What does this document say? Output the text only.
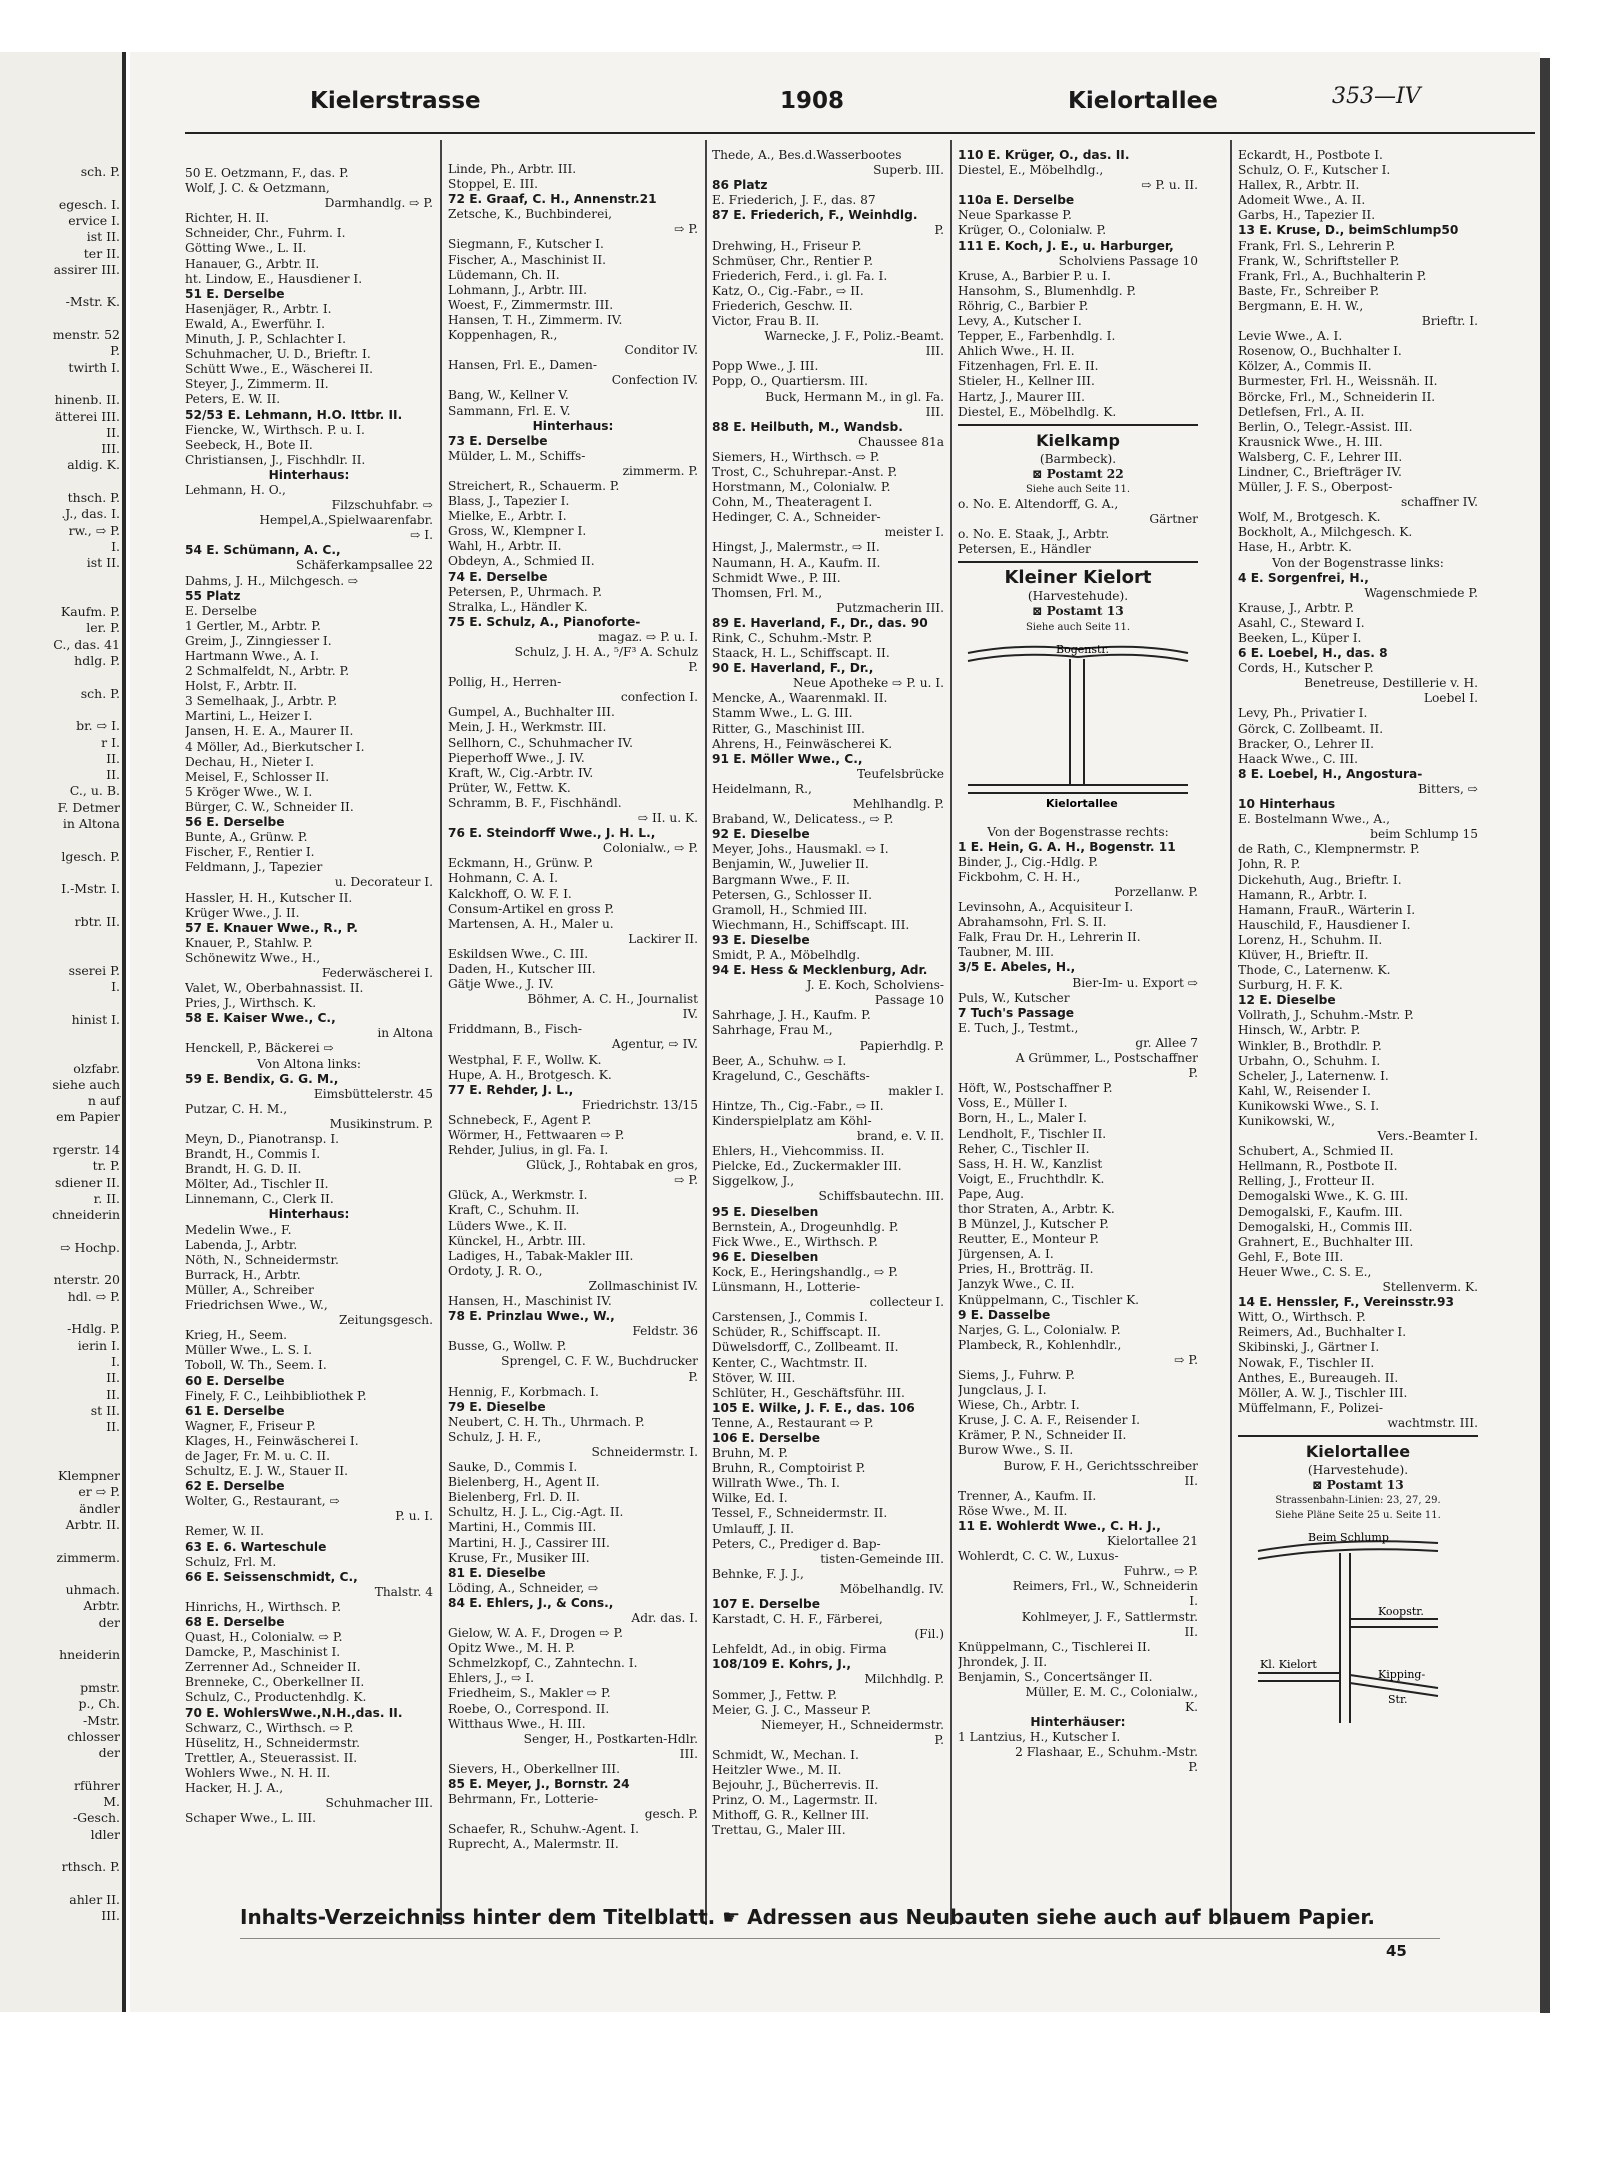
sch. P.
egesch. I.
ervice I.
ist II.
ter II.
assirer III.
-Mstr. K.
menstr. 52
P.
twirth I.
hinenb. II.
ätterei III.
II.
III.
aldig. K.
thsch. P.
.J., das. I.
rw., ⇨ P.
I.
ist II.
Kaufm. P.
ler. P.
C., das. 41
hdlg. P.
sch. P.
br. ⇨ I.
r I.
II.
II.
C., u. B.
F. Detmer
in Altona
lgesch. P.
I.-Mstr. I.
rbtr. II.
sserei P.
I.
hinist I.
olzfabr.
siehe auch
n auf
em Papier
rgerstr. 14
tr. P.
sdiener II.
r. II.
chneiderin
⇨ Hochp.
nterstr. 20
hdl. ⇨ P.
-Hdlg. P.
ierin I.
I.
II.
II.
st II.
II.
Klempner
er ⇨ P.
ändler
Arbtr. II.
zimmerm.
uhmach.
Arbtr.
der
hneiderin
pmstr.
p., Ch.
-Mstr.
chlosser
der
rführer
M.
-Gesch.
ldler
rthsch. P.
ahler II.
III.
Kielerstrasse	1908	Kielortallee	353—IV
50 E. Oetzmann, F., das. P.
Wolf, J. C. & Oetzmann,
Darmhandlg. ⇨ P.
Richter, H. II.
Schneider, Chr., Fuhrm. I.
Götting Wwe., L. II.
Hanauer, G., Arbtr. II.
ht. Lindow, E., Hausdiener I.
51 E. Derselbe
Hasenjäger, R., Arbtr. I.
Ewald, A., Ewerführ. I.
Minuth, J. P., Schlachter I.
Schuhmacher, U. D., Brieftr. I.
Schütt Wwe., E., Wäscherei II.
Steyer, J., Zimmerm. II.
Peters, E. W. II.
52/53 E. Lehmann, H.O. Ittbr. II.
Fiencke, W., Wirthsch. P. u. I.
Seebeck, H., Bote II.
Christiansen, J., Fischhdlr. II.
Hinterhaus:
Lehmann, H. O.,
Filzschuhfabr. ⇨
Hempel,A.,Spielwaarenfabr.
⇨ I.
54 E. Schümann, A. C.,
Schäferkampsallee 22
Dahms, J. H., Milchgesch. ⇨
55 Platz
E. Derselbe
1 Gertler, M., Arbtr. P.
Greim, J., Zinngiesser I.
Hartmann Wwe., A. I.
2 Schmalfeldt, N., Arbtr. P.
Holst, F., Arbtr. II.
3 Semelhaak, J., Arbtr. P.
Martini, L., Heizer I.
Jansen, H. E. A., Maurer II.
4 Möller, Ad., Bierkutscher I.
Dechau, H., Nieter I.
Meisel, F., Schlosser II.
5 Kröger Wwe., W. I.
Bürger, C. W., Schneider II.
56 E. Derselbe
Bunte, A., Grünw. P.
Fischer, F., Rentier I.
Feldmann, J., Tapezier
u. Decorateur I.
Hassler, H. H., Kutscher II.
Krüger Wwe., J. II.
57 E. Knauer Wwe., R., P.
Knauer, P., Stahlw. P.
Schönewitz Wwe., H.,
Federwäscherei I.
Valet, W., Oberbahnassist. II.
Pries, J., Wirthsch. K.
58 E. Kaiser Wwe., C.,
in Altona
Henckell, P., Bäckerei ⇨
Von Altona links:
59 E. Bendix, G. G. M.,
Eimsbüttelerstr. 45
Putzar, C. H. M.,
Musikinstrum. P.
Meyn, D., Pianotransp. I.
Brandt, H., Commis I.
Brandt, H. G. D. II.
Mölter, Ad., Tischler II.
Linnemann, C., Clerk II.
Hinterhaus:
Medelin Wwe., F.
Labenda, J., Arbtr.
Nöth, N., Schneidermstr.
Burrack, H., Arbtr.
Müller, A., Schreiber
Friedrichsen Wwe., W.,
Zeitungsgesch.
Krieg, H., Seem.
Müller Wwe., L. S. I.
Toboll, W. Th., Seem. I.
60 E. Derselbe
Finely, F. C., Leihbibliothek P.
61 E. Derselbe
Wagner, F., Friseur P.
Klages, H., Feinwäscherei I.
de Jager, Fr. M. u. C. II.
Schultz, E. J. W., Stauer II.
62 E. Derselbe
Wolter, G., Restaurant, ⇨
P. u. I.
Remer, W. II.
63 E. 6. Warteschule
Schulz, Frl. M.
66 E. Seissenschmidt, C.,
Thalstr. 4
Hinrichs, H., Wirthsch. P.
68 E. Derselbe
Quast, H., Colonialw. ⇨ P.
Damcke, P., Maschinist I.
Zerrenner Ad., Schneider II.
Brenneke, C., Oberkellner II.
Schulz, C., Productenhdlg. K.
70 E. WohlersWwe.,N.H.,das. II.
Schwarz, C., Wirthsch. ⇨ P.
Hüselitz, H., Schneidermstr.
Trettler, A., Steuerassist. II.
Wohlers Wwe., N. H. II.
Hacker, H. J. A.,
Schuhmacher III.
Schaper Wwe., L. III.
Linde, Ph., Arbtr. III.
Stoppel, E. III.
72 E. Graaf, C. H., Annenstr.21
Zetsche, K., Buchbinderei,
⇨ P.
Siegmann, F., Kutscher I.
Fischer, A., Maschinist II.
Lüdemann, Ch. II.
Lohmann, J., Arbtr. III.
Woest, F., Zimmermstr. III.
Hansen, T. H., Zimmerm. IV.
Koppenhagen, R.,
Conditor IV.
Hansen, Frl. E., Damen-
Confection IV.
Bang, W., Kellner V.
Sammann, Frl. E. V.
Hinterhaus:
73 E. Derselbe
Mülder, L. M., Schiffs-
zimmerm. P.
Streichert, R., Schauerm. P.
Blass, J., Tapezier I.
Mielke, E., Arbtr. I.
Gross, W., Klempner I.
Wahl, H., Arbtr. II.
Obdeyn, A., Schmied II.
74 E. Derselbe
Petersen, P., Uhrmach. P.
Stralka, L., Händler K.
75 E. Schulz, A., Pianoforte-
magaz. ⇨ P. u. I.
Schulz, J. H. A., ⁵/F³ A. Schulz
P.
Pollig, H., Herren-
confection I.
Gumpel, A., Buchhalter III.
Mein, J. H., Werkmstr. III.
Sellhorn, C., Schuhmacher IV.
Pieperhoff Wwe., J. IV.
Kraft, W., Cig.-Arbtr. IV.
Prüter, W., Fettw. K.
Schramm, B. F., Fischhändl.
⇨ II. u. K.
76 E. Steindorff Wwe., J. H. L.,
Colonialw., ⇨ P.
Eckmann, H., Grünw. P.
Hohmann, C. A. I.
Kalckhoff, O. W. F. I.
Consum-Artikel en gross P.
Martensen, A. H., Maler u.
Lackirer II.
Eskildsen Wwe., C. III.
Daden, H., Kutscher III.
Gätje Wwe., J. IV.
Böhmer, A. C. H., Journalist
IV.
Friddmann, B., Fisch-
Agentur, ⇨ IV.
Westphal, F. F., Wollw. K.
Hupe, A. H., Brotgesch. K.
77 E. Rehder, J. L.,
Friedrichstr. 13/15
Schnebeck, F., Agent P.
Wörmer, H., Fettwaaren ⇨ P.
Rehder, Julius, in gl. Fa. I.
Glück, J., Rohtabak en gros,
⇨ P.
Glück, A., Werkmstr. I.
Kraft, C., Schuhm. II.
Lüders Wwe., K. II.
Künckel, H., Arbtr. III.
Ladiges, H., Tabak-Makler III.
Ordoty, J. R. O.,
Zollmaschinist IV.
Hansen, H., Maschinist IV.
78 E. Prinzlau Wwe., W.,
Feldstr. 36
Busse, G., Wollw. P.
Sprengel, C. F. W., Buchdrucker
P.
Hennig, F., Korbmach. I.
79 E. Dieselbe
Neubert, C. H. Th., Uhrmach. P.
Schulz, J. H. F.,
Schneidermstr. I.
Sauke, D., Commis I.
Bielenberg, H., Agent II.
Bielenberg, Frl. D. II.
Schultz, H. J. L., Cig.-Agt. II.
Martini, H., Commis III.
Martini, H. J., Cassirer III.
Kruse, Fr., Musiker III.
81 E. Dieselbe
Löding, A., Schneider, ⇨
84 E. Ehlers, J., & Cons.,
Adr. das. I.
Gielow, W. A. F., Drogen ⇨ P.
Opitz Wwe., M. H. P.
Schmelzkopf, C., Zahntechn. I.
Ehlers, J., ⇨ I.
Friedheim, S., Makler ⇨ P.
Roebe, O., Correspond. II.
Witthaus Wwe., H. III.
Senger, H., Postkarten-Hdlr.
III.
Sievers, H., Oberkellner III.
85 E. Meyer, J., Bornstr. 24
Behrmann, Fr., Lotterie-
gesch. P.
Schaefer, R., Schuhw.-Agent. I.
Ruprecht, A., Malermstr. II.
Thede, A., Bes.d.Wasserbootes
Superb. III.
86 Platz
E. Friederich, J. F., das. 87
87 E. Friederich, F., Weinhdlg.
P.
Drehwing, H., Friseur P.
Schmüser, Chr., Rentier P.
Friederich, Ferd., i. gl. Fa. I.
Katz, O., Cig.-Fabr., ⇨ II.
Friederich, Geschw. II.
Victor, Frau B. II.
Warnecke, J. F., Poliz.-Beamt.
III.
Popp Wwe., J. III.
Popp, O., Quartiersm. III.
Buck, Hermann M., in gl. Fa.
III.
88 E. Heilbuth, M., Wandsb.
Chaussee 81a
Siemers, H., Wirthsch. ⇨ P.
Trost, C., Schuhrepar.-Anst. P.
Horstmann, M., Colonialw. P.
Cohn, M., Theateragent I.
Hedinger, C. A., Schneider-
meister I.
Hingst, J., Malermstr., ⇨ II.
Naumann, H. A., Kaufm. II.
Schmidt Wwe., P. III.
Thomsen, Frl. M.,
Putzmacherin III.
89 E. Haverland, F., Dr., das. 90
Rink, C., Schuhm.-Mstr. P.
Staack, H. L., Schiffscapt. II.
90 E. Haverland, F., Dr.,
Neue Apotheke ⇨ P. u. I.
Mencke, A., Waarenmakl. II.
Stamm Wwe., L. G. III.
Ritter, G., Maschinist III.
Ahrens, H., Feinwäscherei K.
91 E. Möller Wwe., C.,
Teufelsbrücke
Heidelmann, R.,
Mehlhandlg. P.
Braband, W., Delicatess., ⇨ P.
92 E. Dieselbe
Meyer, Johs., Hausmakl. ⇨ I.
Benjamin, W., Juwelier II.
Bargmann Wwe., F. II.
Petersen, G., Schlosser II.
Gramoll, H., Schmied III.
Wiechmann, H., Schiffscapt. III.
93 E. Dieselbe
Smidt, P. A., Möbelhdlg.
94 E. Hess & Mecklenburg, Adr.
J. E. Koch, Scholviens-
Passage 10
Sahrhage, J. H., Kaufm. P.
Sahrhage, Frau M.,
Papierhdlg. P.
Beer, A., Schuhw. ⇨ I.
Kragelund, C., Geschäfts-
makler I.
Hintze, Th., Cig.-Fabr., ⇨ II.
Kinderspielplatz am Köhl-
brand, e. V. II.
Ehlers, H., Viehcommiss. II.
Pielcke, Ed., Zuckermakler III.
Siggelkow, J.,
Schiffsbautechn. III.
95 E. Dieselben
Bernstein, A., Drogeunhdlg. P.
Fick Wwe., E., Wirthsch. P.
96 E. Dieselben
Kock, E., Heringshandlg., ⇨ P.
Lünsmann, H., Lotterie-
collecteur I.
Carstensen, J., Commis I.
Schüder, R., Schiffscapt. II.
Düwelsdorff, C., Zollbeamt. II.
Kenter, C., Wachtmstr. II.
Stöver, W. III.
Schlüter, H., Geschäftsführ. III.
105 E. Wilke, J. F. E., das. 106
Tenne, A., Restaurant ⇨ P.
106 E. Derselbe
Bruhn, M. P.
Bruhn, R., Comptoirist P.
Willrath Wwe., Th. I.
Wilke, Ed. I.
Tessel, F., Schneidermstr. II.
Umlauff, J. II.
Peters, C., Prediger d. Bap-
tisten-Gemeinde III.
Behnke, F. J. J.,
Möbelhandlg. IV.
107 E. Derselbe
Karstadt, C. H. F., Färberei,
(Fil.)
Lehfeldt, Ad., in obig. Firma
108/109 E. Kohrs, J.,
Milchhdlg. P.
Sommer, J., Fettw. P.
Meier, G. J. C., Masseur P.
Niemeyer, H., Schneidermstr.
P.
Schmidt, W., Mechan. I.
Heitzler Wwe., M. II.
Bejouhr, J., Bücherrevis. II.
Prinz, O. M., Lagermstr. II.
Mithoff, G. R., Kellner III.
Trettau, G., Maler III.
110 E. Krüger, O., das. II.
Diestel, E., Möbelhdlg.,
⇨ P. u. II.
110a E. Derselbe
Neue Sparkasse P.
Krüger, O., Colonialw. P.
111 E. Koch, J. E., u. Harburger,
Scholviens Passage 10
Kruse, A., Barbier P. u. I.
Hansohm, S., Blumenhdlg. P.
Röhrig, C., Barbier P.
Levy, A., Kutscher I.
Tepper, E., Farbenhdlg. I.
Ahlich Wwe., H. II.
Fitzenhagen, Frl. E. II.
Stieler, H., Kellner III.
Hartz, J., Maurer III.
Diestel, E., Möbelhdlg. K.
Kielkamp
(Barmbeck).
⊠ Postamt 22
Siehe auch Seite 11.
o. No. E. Altendorff, G. A.,
Gärtner
o. No. E. Staak, J., Arbtr.
Petersen, E., Händler
Kleiner Kielort
(Harvestehude).
⊠ Postamt 13
Siehe auch Seite 11.
Bogenstr.
Kielortallee
Von der Bogenstrasse rechts:
1 E. Hein, G. A. H., Bogenstr. 11
Binder, J., Cig.-Hdlg. P.
Fickbohm, C. H. H.,
Porzellanw. P.
Levinsohn, A., Acquisiteur I.
Abrahamsohn, Frl. S. II.
Falk, Frau Dr. H., Lehrerin II.
Taubner, M. III.
3/5 E. Abeles, H.,
Bier-Im- u. Export ⇨
Puls, W., Kutscher
7 Tuch's Passage
E. Tuch, J., Testmt.,
gr. Allee 7
A Grümmer, L., Postschaffner
P.
Höft, W., Postschaffner P.
Voss, E., Müller I.
Born, H., L., Maler I.
Lendholt, F., Tischler II.
Reher, C., Tischler II.
Sass, H. H. W., Kanzlist
Voigt, E., Fruchthdlr. K.
Pape, Aug.
thor Straten, A., Arbtr. K.
B Münzel, J., Kutscher P.
Reutter, E., Monteur P.
Jürgensen, A. I.
Pries, H., Brotträg. II.
Janzyk Wwe., C. II.
Knüppelmann, C., Tischler K.
9 E. Dasselbe
Narjes, G. L., Colonialw. P.
Plambeck, R., Kohlenhdlr.,
⇨ P.
Siems, J., Fuhrw. P.
Jungclaus, J. I.
Wiese, Ch., Arbtr. I.
Kruse, J. C. A. F., Reisender I.
Krämer, P. N., Schneider II.
Burow Wwe., S. II.
Burow, F. H., Gerichtsschreiber
II.
Trenner, A., Kaufm. II.
Röse Wwe., M. II.
11 E. Wohlerdt Wwe., C. H. J.,
Kielortallee 21
Wohlerdt, C. C. W., Luxus-
Fuhrw., ⇨ P.
Reimers, Frl., W., Schneiderin
I.
Kohlmeyer, J. F., Sattlermstr.
II.
Knüppelmann, C., Tischlerei II.
Jhrondek, J. II.
Benjamin, S., Concertsänger II.
Müller, E. M. C., Colonialw.,
K.
Hinterhäuser:
1 Lantzius, H., Kutscher I.
2 Flashaar, E., Schuhm.-Mstr.
P.
Eckardt, H., Postbote I.
Schulz, O. F., Kutscher I.
Hallex, R., Arbtr. II.
Adomeit Wwe., A. II.
Garbs, H., Tapezier II.
13 E. Kruse, D., beimSchlump50
Frank, Frl. S., Lehrerin P.
Frank, W., Schriftsteller P.
Frank, Frl., A., Buchhalterin P.
Baste, Fr., Schreiber P.
Bergmann, E. H. W.,
Brieftr. I.
Levie Wwe., A. I.
Rosenow, O., Buchhalter I.
Kölzer, A., Commis II.
Burmester, Frl. H., Weissnäh. II.
Börcke, Frl., M., Schneiderin II.
Detlefsen, Frl., A. II.
Berlin, O., Telegr.-Assist. III.
Krausnick Wwe., H. III.
Walsberg, C. F., Lehrer III.
Lindner, C., Briefträger IV.
Müller, J. F. S., Oberpost-
schaffner IV.
Wolf, M., Brotgesch. K.
Bockholt, A., Milchgesch. K.
Hase, H., Arbtr. K.
Von der Bogenstrasse links:
4 E. Sorgenfrei, H.,
Wagenschmiede P.
Krause, J., Arbtr. P.
Asahl, C., Steward I.
Beeken, L., Küper I.
6 E. Loebel, H., das. 8
Cords, H., Kutscher P.
Benetreuse, Destillerie v. H.
Loebel I.
Levy, Ph., Privatier I.
Görck, C. Zollbeamt. II.
Bracker, O., Lehrer II.
Haack Wwe., C. III.
8 E. Loebel, H., Angostura-
Bitters, ⇨
10 Hinterhaus
E. Bostelmann Wwe., A.,
beim Schlump 15
de Rath, C., Klempnermstr. P.
John, R. P.
Dickehuth, Aug., Brieftr. I.
Hamann, R., Arbtr. I.
Hamann, FrauR., Wärterin I.
Hauschild, F., Hausdiener I.
Lorenz, H., Schuhm. II.
Klüver, H., Brieftr. II.
Thode, C., Laternenw. K.
Surburg, H. F. K.
12 E. Dieselbe
Vollrath, J., Schuhm.-Mstr. P.
Hinsch, W., Arbtr. P.
Winkler, B., Brothdlr. P.
Urbahn, O., Schuhm. I.
Scheler, J., Laternenw. I.
Kahl, W., Reisender I.
Kunikowski Wwe., S. I.
Kunikowski, W.,
Vers.-Beamter I.
Schubert, A., Schmied II.
Hellmann, R., Postbote II.
Relling, J., Frotteur II.
Demogalski Wwe., K. G. III.
Demogalski, F., Kaufm. III.
Demogalski, H., Commis III.
Grahnert, E., Buchhalter III.
Gehl, F., Bote III.
Heuer Wwe., C. S. E.,
Stellenverm. K.
14 E. Henssler, F., Vereinsstr.93
Witt, O., Wirthsch. P.
Reimers, Ad., Buchhalter I.
Skibinski, J., Gärtner I.
Nowak, F., Tischler II.
Anthes, E., Bureaugeh. II.
Möller, A. W. J., Tischler III.
Müffelmann, F., Polizei-
wachtmstr. III.
Kielortallee
(Harvestehude).
⊠ Postamt 13
Strassenbahn-Linien: 23, 27, 29.
Siehe Pläne Seite 25 u. Seite 11.
Beim Schlump
Koopstr.
Kl. Kielort
Kipping-
Str.
Inhalts-Verzeichniss hinter dem Titelblatt. ☛ Adressen aus Neubauten siehe auch auf blauem Papier.
45
